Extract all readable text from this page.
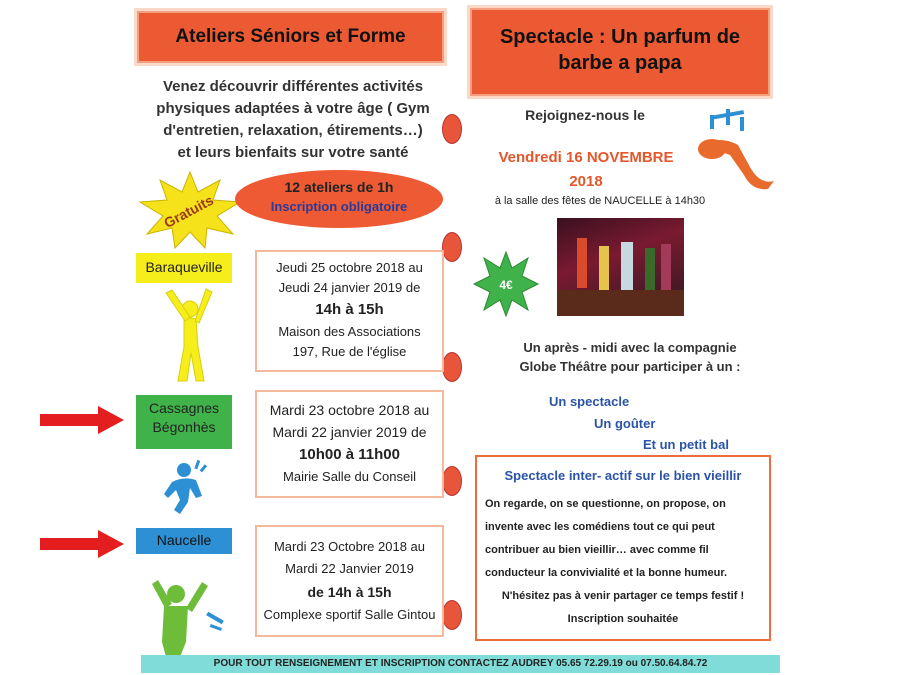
Ateliers Séniors et Forme
Venez découvrir différentes activités
physiques adaptées à votre âge ( Gym
d'entretien, relaxation, étirements…)
et leurs bienfaits sur votre santé
Gratuits
12 ateliers de 1h
Inscription obligatoire
Baraqueville	Jeudi 25 octobre 2018 au
Jeudi 24 janvier 2019 de
14h à 15h
Maison des Associations
197, Rue de l'église
Cassagnes
Bégonhès
Mardi 23 octobre 2018 au
Mardi 22 janvier 2019 de
10h00 à 11h00
Mairie Salle du Conseil
Naucelle	Mardi 23 Octobre 2018 au
Mardi 22 Janvier 2019
de 14h à 15h
Complexe sportif Salle Gintou
Spectacle : Un parfum de
barbe a papa
Rejoignez-nous le
Vendredi 16 NOVEMBRE
2018
à la salle des fêtes de NAUCELLE à 14h30
4€
Un après - midi avec la compagnie
Globe Théâtre pour participer à un :
Un spectacle
Un goûter
Et un petit bal
Spectacle inter- actif sur le bien vieillir
On regarde, on se questionne, on propose, on
invente avec les comédiens tout ce qui peut
contribuer au bien vieillir… avec comme fil
conducteur la convivialité et la bonne humeur.
N'hésitez pas à venir partager ce temps festif !
Inscription souhaitée
POUR TOUT RENSEIGNEMENT ET INSCRIPTION CONTACTEZ AUDREY 05.65 72.29.19 ou 07.50.64.84.72
